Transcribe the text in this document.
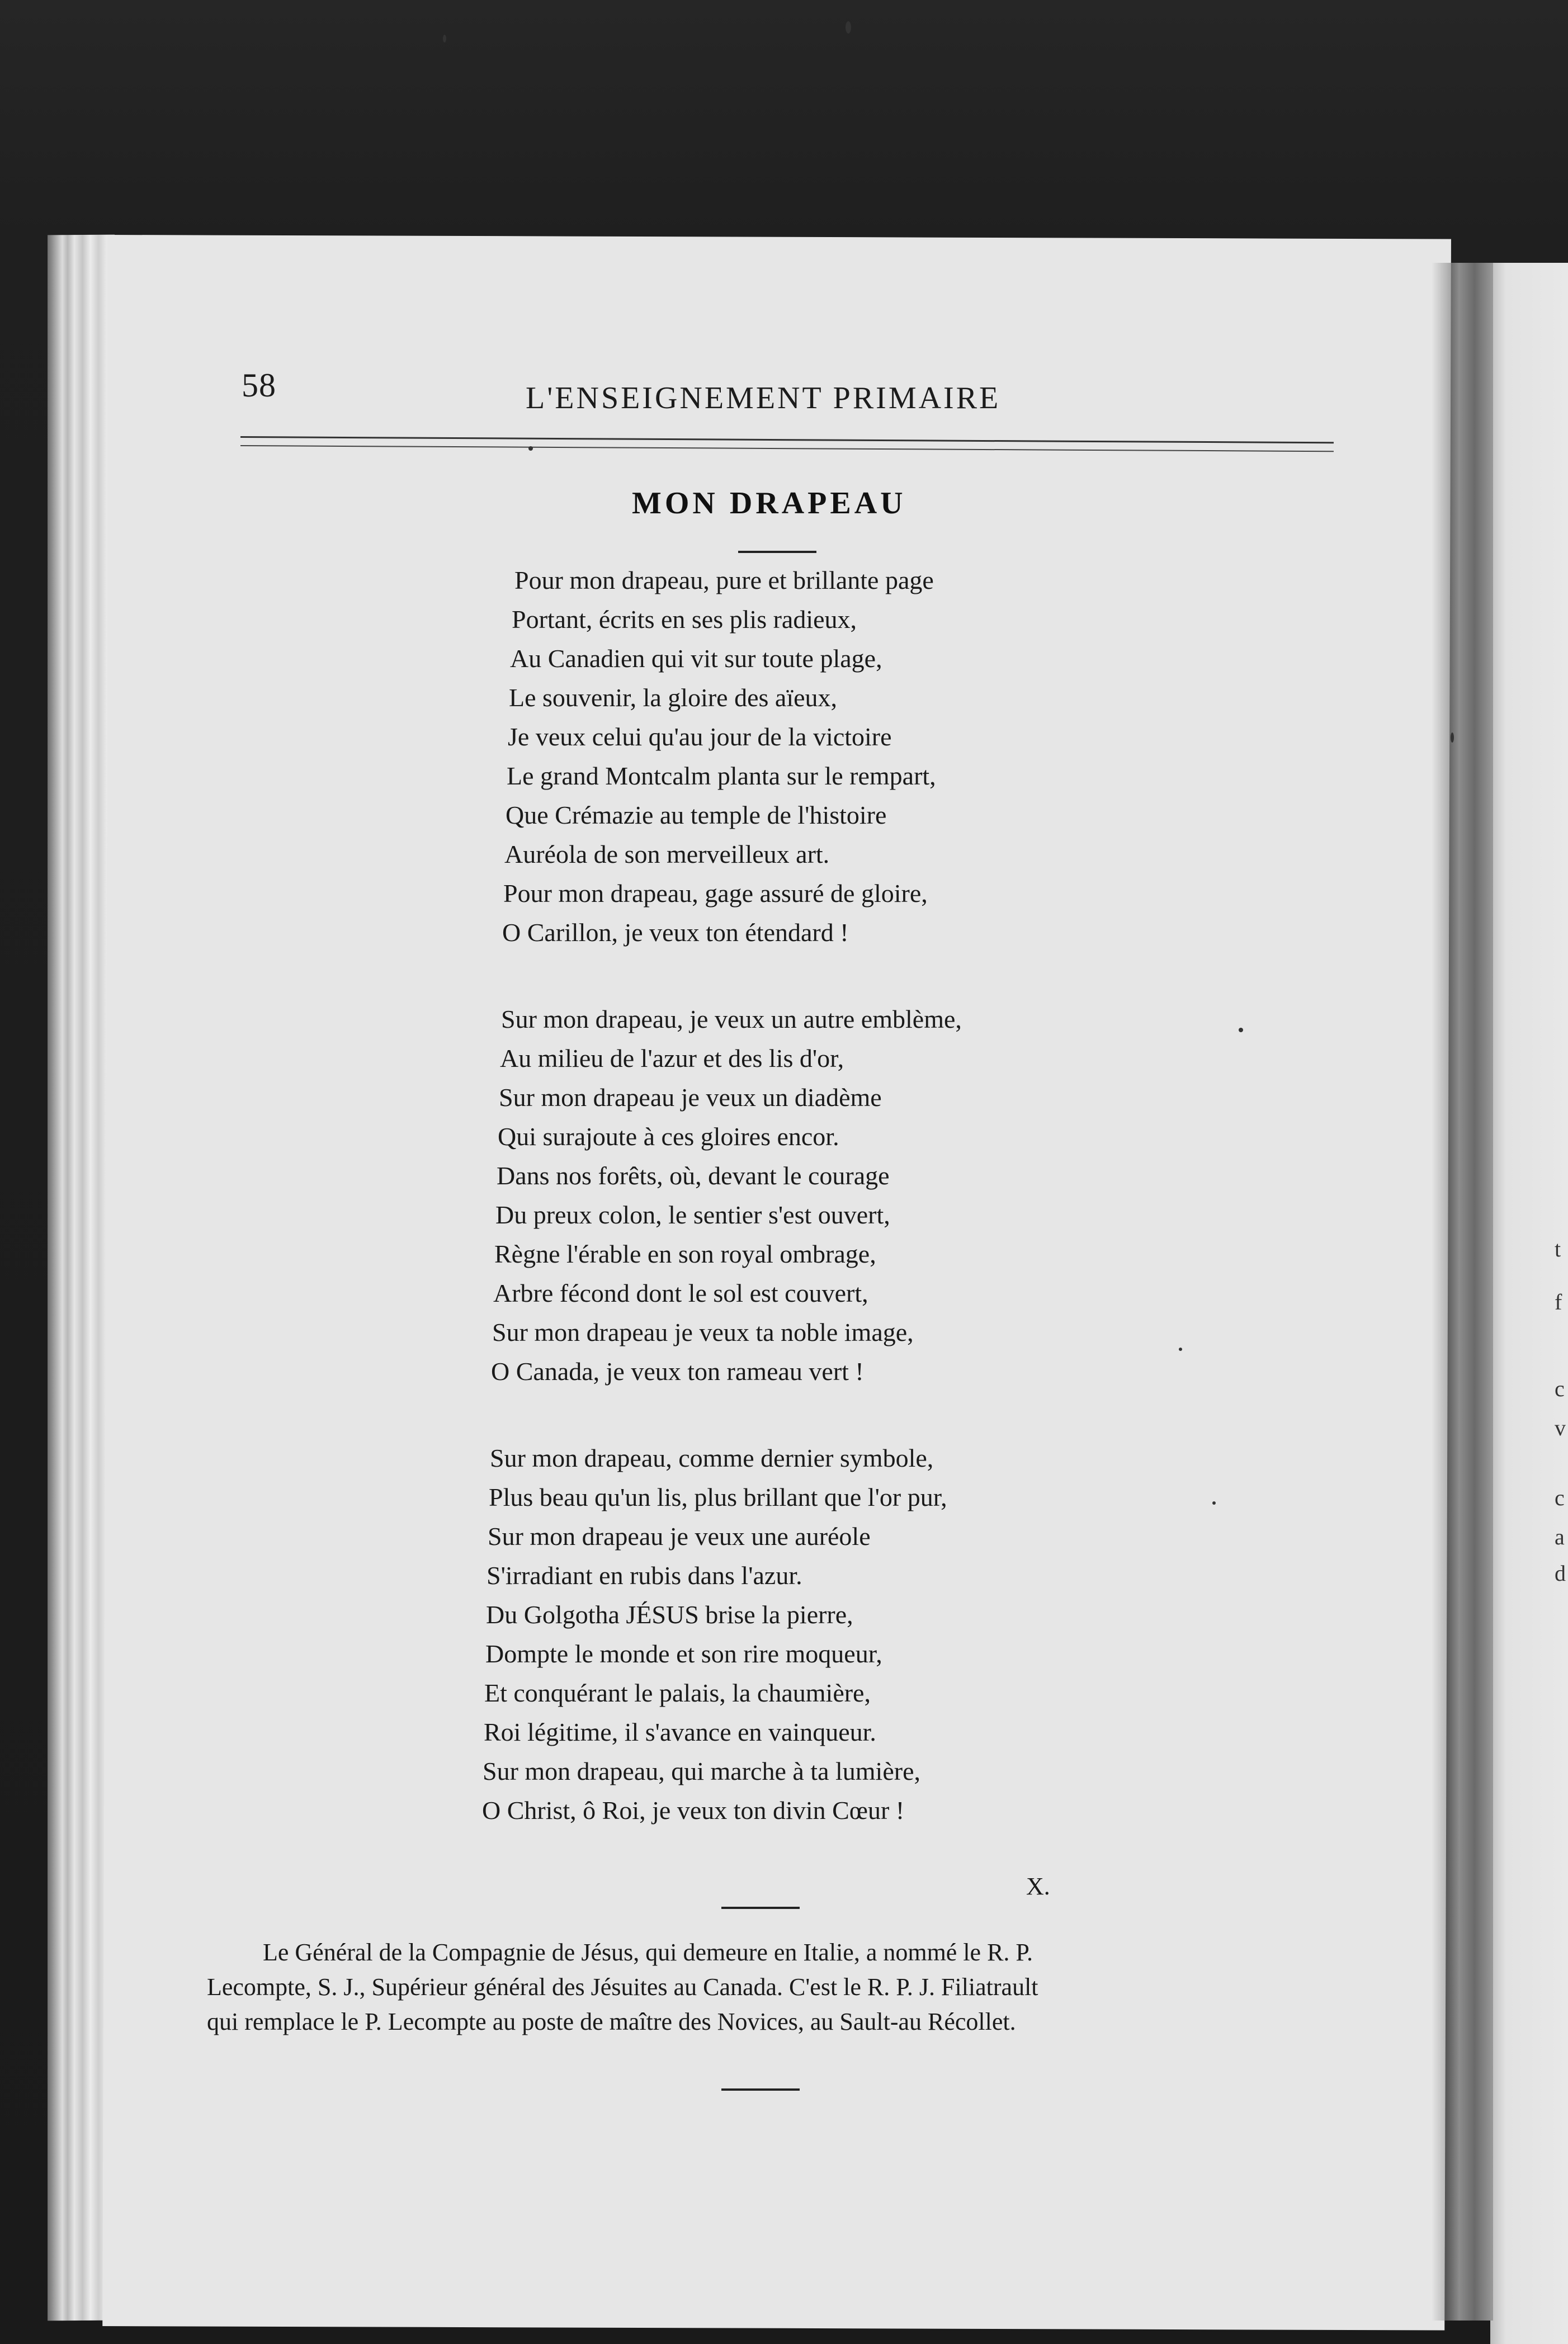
t
f
c
v
c
a
d
58	L'ENSEIGNEMENT PRIMAIRE
MON DRAPEAU
Pour mon drapeau, pure et brillante page
Portant, écrits en ses plis radieux,
Au Canadien qui vit sur toute plage,
Le souvenir, la gloire des aïeux,
Je veux celui qu'au jour de la victoire
Le grand Montcalm planta sur le rempart,
Que Crémazie au temple de l'histoire
Auréola de son merveilleux art.
Pour mon drapeau, gage assuré de gloire,
O Carillon, je veux ton étendard !
Sur mon drapeau, je veux un autre emblème,
Au milieu de l'azur et des lis d'or,
Sur mon drapeau je veux un diadème
Qui surajoute à ces gloires encor.
Dans nos forêts, où, devant le courage
Du preux colon, le sentier s'est ouvert,
Règne l'érable en son royal ombrage,
Arbre fécond dont le sol est couvert,
Sur mon drapeau je veux ta noble image,
O Canada, je veux ton rameau vert !
Sur mon drapeau, comme dernier symbole,
Plus beau qu'un lis, plus brillant que l'or pur,
Sur mon drapeau je veux une auréole
S'irradiant en rubis dans l'azur.
Du Golgotha JÉSUS brise la pierre,
Dompte le monde et son rire moqueur,
Et conquérant le palais, la chaumière,
Roi légitime, il s'avance en vainqueur.
Sur mon drapeau, qui marche à ta lumière,
O Christ, ô Roi, je veux ton divin Cœur !
X.
Le Général de la Compagnie de Jésus, qui demeure en Italie, a nommé le R. P.
Lecompte, S. J., Supérieur général des Jésuites au Canada. C'est le R. P. J. Filiatrault
qui remplace le P. Lecompte au poste de maître des Novices, au Sault-au Récollet.
